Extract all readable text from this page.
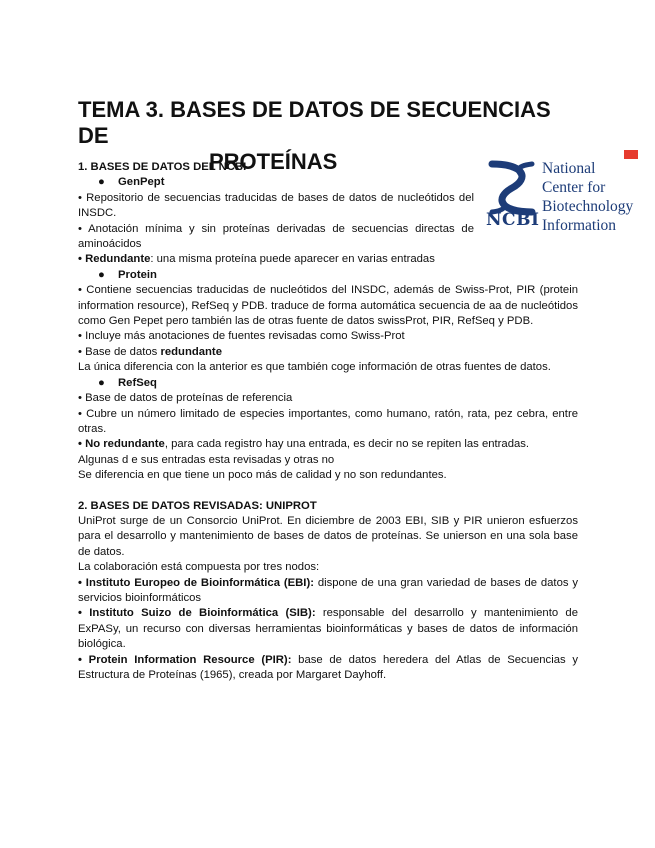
TEMA 3. BASES DE DATOS DE SECUENCIAS DE
PROTEÍNAS
NCBI
National
Center for
Biotechnology
Information

1. BASES DE DATOS DEL NCBI

● GenPept

• Repositorio de secuencias traducidas de bases de datos de nucleótidos del INSDC.

• Anotación mínima y sin proteínas derivadas de secuencias directas de aminoácidos

• Redundante: una misma proteína puede aparecer en varias entradas

● Protein

• Contiene secuencias traducidas de nucleótidos del INSDC, además de Swiss-Prot, PIR (protein information resource), RefSeq y PDB. traduce de forma automática secuencia de aa de nucleótidos como Gen Pepet pero también las de otras fuente de datos swissProt, PIR, RefSeq y PDB.

• Incluye más anotaciones de fuentes revisadas como Swiss-Prot

• Base de datos redundante

La única diferencia con la anterior es que también coge información de otras fuentes de datos.

● RefSeq

• Base de datos de proteínas de referencia

• Cubre un número limitado de especies importantes, como humano, ratón, rata, pez cebra, entre otras.

• No redundante, para cada registro hay una entrada, es decir no se repiten las entradas.

Algunas d e sus entradas esta revisadas y otras no

Se diferencia en que tiene un poco más de calidad y no son redundantes.

2. BASES DE DATOS REVISADAS: UNIPROT

UniProt surge de un Consorcio UniProt. En diciembre de 2003 EBI, SIB y PIR unieron esfuerzos para el desarrollo y mantenimiento de bases de datos de proteínas. Se unierson en una sola base de datos.

La colaboración está compuesta por tres nodos:

• Instituto Europeo de Bioinformática (EBI): dispone de una gran variedad de bases de datos y servicios bioinformáticos

• Instituto Suizo de Bioinformática (SIB): responsable del desarrollo y mantenimiento de ExPASy, un recurso con diversas herramientas bioinformáticas y bases de datos de información biológica.

• Protein Information Resource (PIR): base de datos heredera del Atlas de Secuencias y Estructura de Proteínas (1965), creada por Margaret Dayhoff.
